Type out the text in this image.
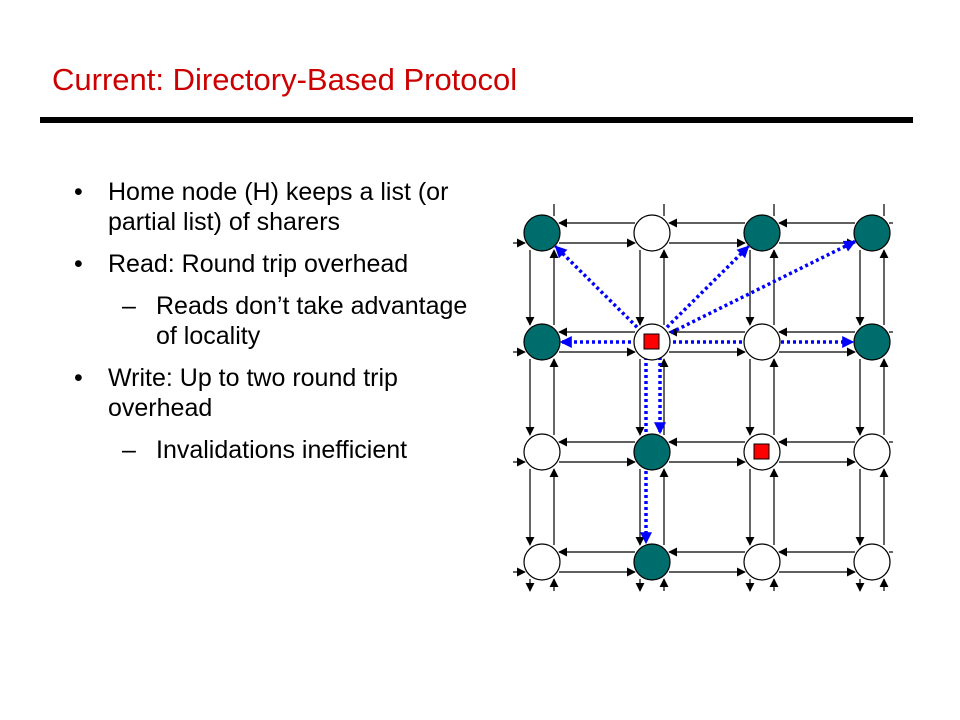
Current: Directory-Based Protocol
• Home node (H) keeps a list (or partial list) of sharers
• Read: Round trip overhead
– Reads don’t take advantage of locality
• Write: Up to two round trip overhead
– Invalidations inefficient
